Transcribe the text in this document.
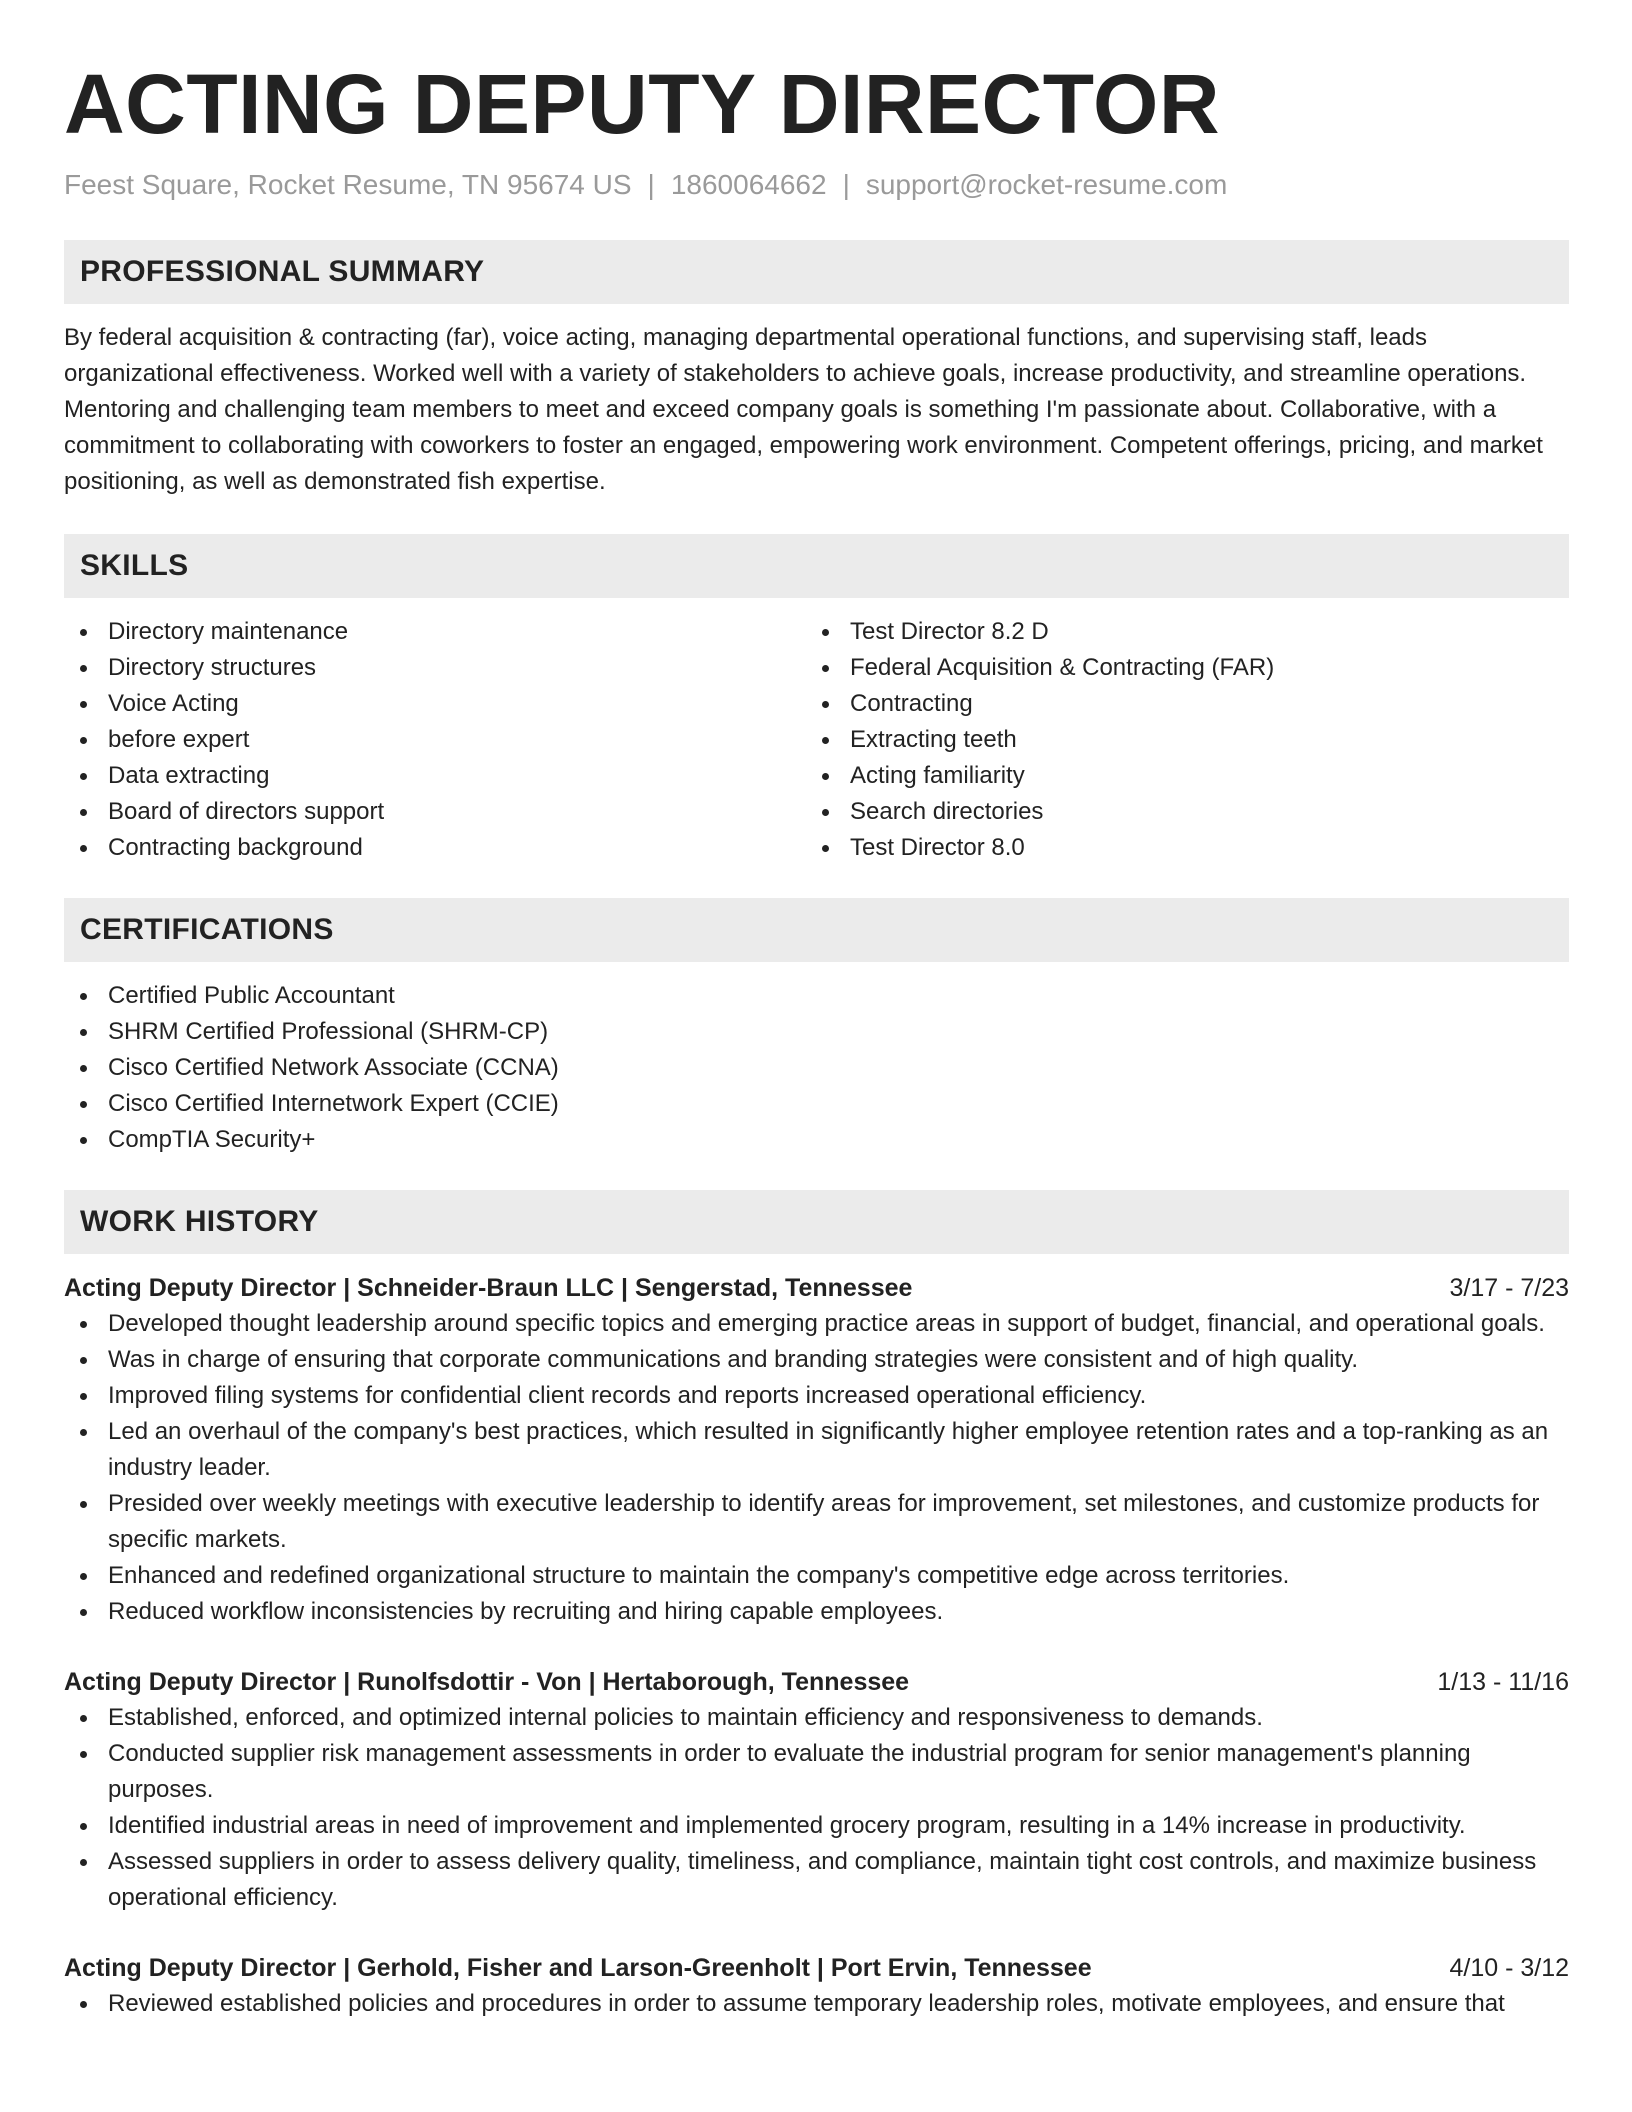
ACTING DEPUTY DIRECTOR
Feest Square, Rocket Resume, TN 95674 US | 1860064662 | support@rocket-resume.com
PROFESSIONAL SUMMARY

By federal acquisition & contracting (far), voice acting, managing departmental operational functions, and supervising staff, leads organizational effectiveness. Worked well with a variety of stakeholders to achieve goals, increase productivity, and streamline operations. Mentoring and challenging team members to meet and exceed company goals is something I'm passionate about. Collaborative, with a commitment to collaborating with coworkers to foster an engaged, empowering work environment. Competent offerings, pricing, and market positioning, as well as demonstrated fish expertise.

SKILLS
Directory maintenance
Directory structures
Voice Acting
before expert
Data extracting
Board of directors support
Contracting background
Test Director 8.2 D
Federal Acquisition & Contracting (FAR)
Contracting
Extracting teeth
Acting familiarity
Search directories
Test Director 8.0
CERTIFICATIONS
Certified Public Accountant
SHRM Certified Professional (SHRM-CP)
Cisco Certified Network Associate (CCNA)
Cisco Certified Internetwork Expert (CCIE)
CompTIA Security+
WORK HISTORY
Acting Deputy Director | Schneider-Braun LLC | Sengerstad, Tennessee	3/17 - 7/23
Developed thought leadership around specific topics and emerging practice areas in support of budget, financial, and operational goals.
Was in charge of ensuring that corporate communications and branding strategies were consistent and of high quality.
Improved filing systems for confidential client records and reports increased operational efficiency.
Led an overhaul of the company's best practices, which resulted in significantly higher employee retention rates and a top-ranking as an industry leader.
Presided over weekly meetings with executive leadership to identify areas for improvement, set milestones, and customize products for specific markets.
Enhanced and redefined organizational structure to maintain the company's competitive edge across territories.
Reduced workflow inconsistencies by recruiting and hiring capable employees.
Acting Deputy Director | Runolfsdottir - Von | Hertaborough, Tennessee	1/13 - 11/16
Established, enforced, and optimized internal policies to maintain efficiency and responsiveness to demands.
Conducted supplier risk management assessments in order to evaluate the industrial program for senior management's planning purposes.
Identified industrial areas in need of improvement and implemented grocery program, resulting in a 14% increase in productivity.
Assessed suppliers in order to assess delivery quality, timeliness, and compliance, maintain tight cost controls, and maximize business operational efficiency.
Acting Deputy Director | Gerhold, Fisher and Larson-Greenholt | Port Ervin, Tennessee	4/10 - 3/12
Reviewed established policies and procedures in order to assume temporary leadership roles, motivate employees, and ensure that
